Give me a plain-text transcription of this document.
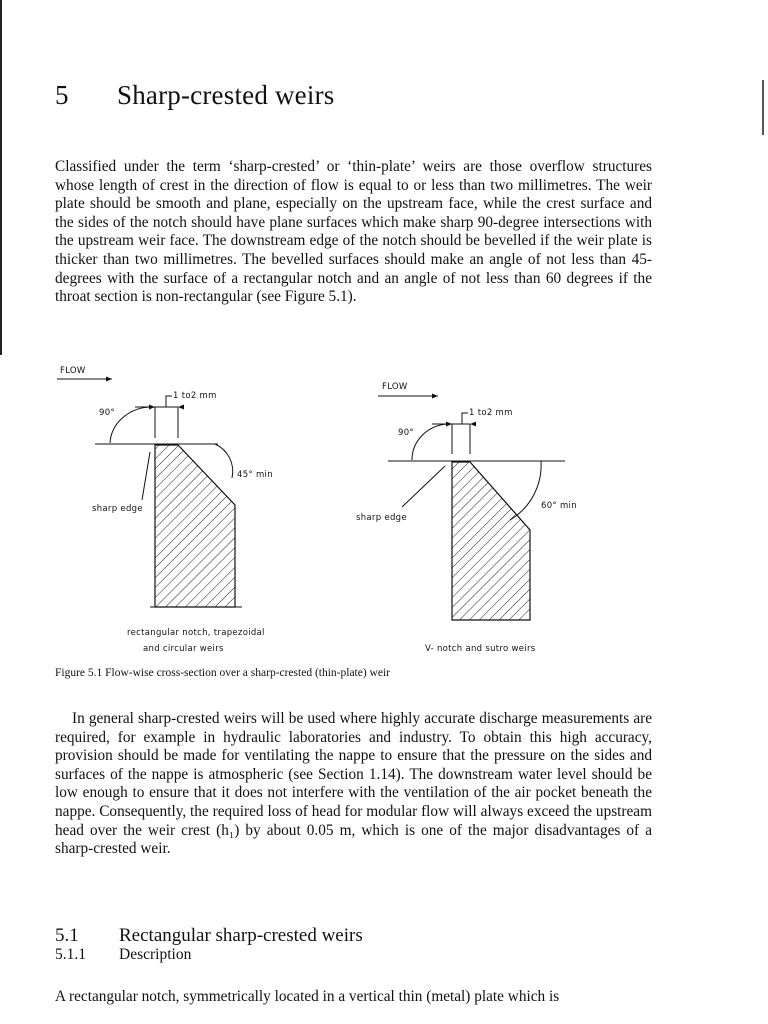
5 Sharp-crested weirs

Classified under the term ‘sharp-crested’ or ‘thin-plate’ weirs are those overflow structures whose length of crest in the direction of flow is equal to or less than two millimetres. The weir plate should be smooth and plane, especially on the upstream face, while the crest surface and the sides of the notch should have plane surfaces which make sharp 90-degree intersections with the upstream weir face. The downstream edge of the notch should be bevelled if the weir plate is thicker than two millimetres. The bevelled surfaces should make an angle of not less than 45-degrees with the surface of a rectangular notch and an angle of not less than 60 degrees if the throat section is non-rectangular (see Figure 5.1).

FLOW
1 to2 mm
90°
45° min
sharp edge
rectangular notch, trapezoidal
and circular weirs
FLOW
1 to2 mm
90°
60° min
sharp edge
V- notch and sutro weirs
Figure 5.1 Flow-wise cross-section over a sharp-crested (thin-plate) weir

In general sharp-crested weirs will be used where highly accurate discharge measurements are required, for example in hydraulic laboratories and industry. To obtain this high accuracy, provision should be made for ventilating the nappe to ensure that the pressure on the sides and surfaces of the nappe is atmospheric (see Section 1.14). The downstream water level should be low enough to ensure that it does not interfere with the ventilation of the air pocket beneath the nappe. Consequently, the required loss of head for modular flow will always exceed the upstream head over the weir crest (h₁) by about 0.05 m, which is one of the major disadvantages of a sharp-crested weir.

5.1 Rectangular sharp-crested weirs
5.1.1 Description

A rectangular notch, symmetrically located in a vertical thin (metal) plate which is
